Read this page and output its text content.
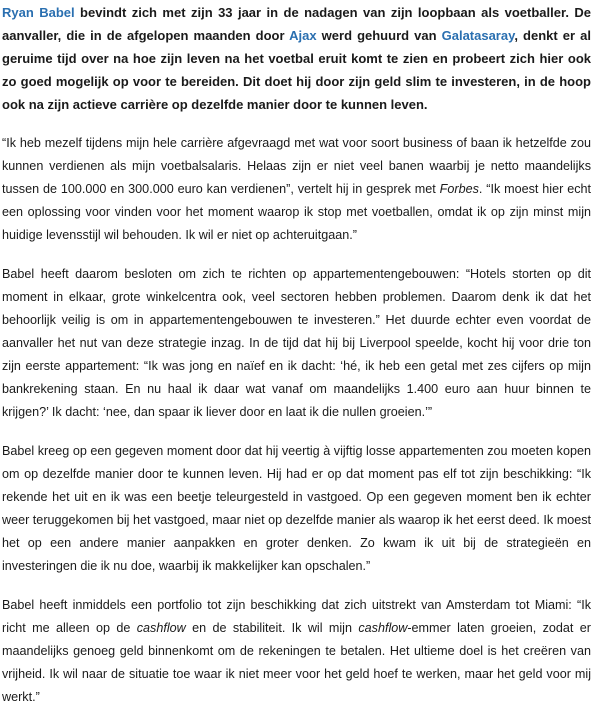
Ryan Babel bevindt zich met zijn 33 jaar in de nadagen van zijn loopbaan als voetballer. De aanvaller, die in de afgelopen maanden door Ajax werd gehuurd van Galatasaray, denkt er al geruime tijd over na hoe zijn leven na het voetbal eruit komt te zien en probeert zich hier ook zo goed mogelijk op voor te bereiden. Dit doet hij door zijn geld slim te investeren, in de hoop ook na zijn actieve carrière op dezelfde manier door te kunnen leven.

“Ik heb mezelf tijdens mijn hele carrière afgevraagd met wat voor soort business of baan ik hetzelfde zou kunnen verdienen als mijn voetbalsalaris. Helaas zijn er niet veel banen waarbij je netto maandelijks tussen de 100.000 en 300.000 euro kan verdienen”, vertelt hij in gesprek met Forbes. “Ik moest hier echt een oplossing voor vinden voor het moment waarop ik stop met voetballen, omdat ik op zijn minst mijn huidige levensstijl wil behouden. Ik wil er niet op achteruitgaan.”

Babel heeft daarom besloten om zich te richten op appartementengebouwen: “Hotels storten op dit moment in elkaar, grote winkelcentra ook, veel sectoren hebben problemen. Daarom denk ik dat het behoorlijk veilig is om in appartementengebouwen te investeren.” Het duurde echter even voordat de aanvaller het nut van deze strategie inzag. In de tijd dat hij bij Liverpool speelde, kocht hij voor drie ton zijn eerste appartement: “Ik was jong en naïef en ik dacht: ‘hé, ik heb een getal met zes cijfers op mijn bankrekening staan. En nu haal ik daar wat vanaf om maandelijks 1.400 euro aan huur binnen te krijgen?’ Ik dacht: ‘nee, dan spaar ik liever door en laat ik die nullen groeien.’”

Babel kreeg op een gegeven moment door dat hij veertig à vijftig losse appartementen zou moeten kopen om op dezelfde manier door te kunnen leven. Hij had er op dat moment pas elf tot zijn beschikking: “Ik rekende het uit en ik was een beetje teleurgesteld in vastgoed. Op een gegeven moment ben ik echter weer teruggekomen bij het vastgoed, maar niet op dezelfde manier als waarop ik het eerst deed. Ik moest het op een andere manier aanpakken en groter denken. Zo kwam ik uit bij de strategieën en investeringen die ik nu doe, waarbij ik makkelijker kan opschalen.”

Babel heeft inmiddels een portfolio tot zijn beschikking dat zich uitstrekt van Amsterdam tot Miami: “Ik richt me alleen op de cashflow en de stabiliteit. Ik wil mijn cashflow-emmer laten groeien, zodat er maandelijks genoeg geld binnenkomt om de rekeningen te betalen. Het ultieme doel is het creëren van vrijheid. Ik wil naar de situatie toe waar ik niet meer voor het geld hoef te werken, maar het geld voor mij werkt.”
